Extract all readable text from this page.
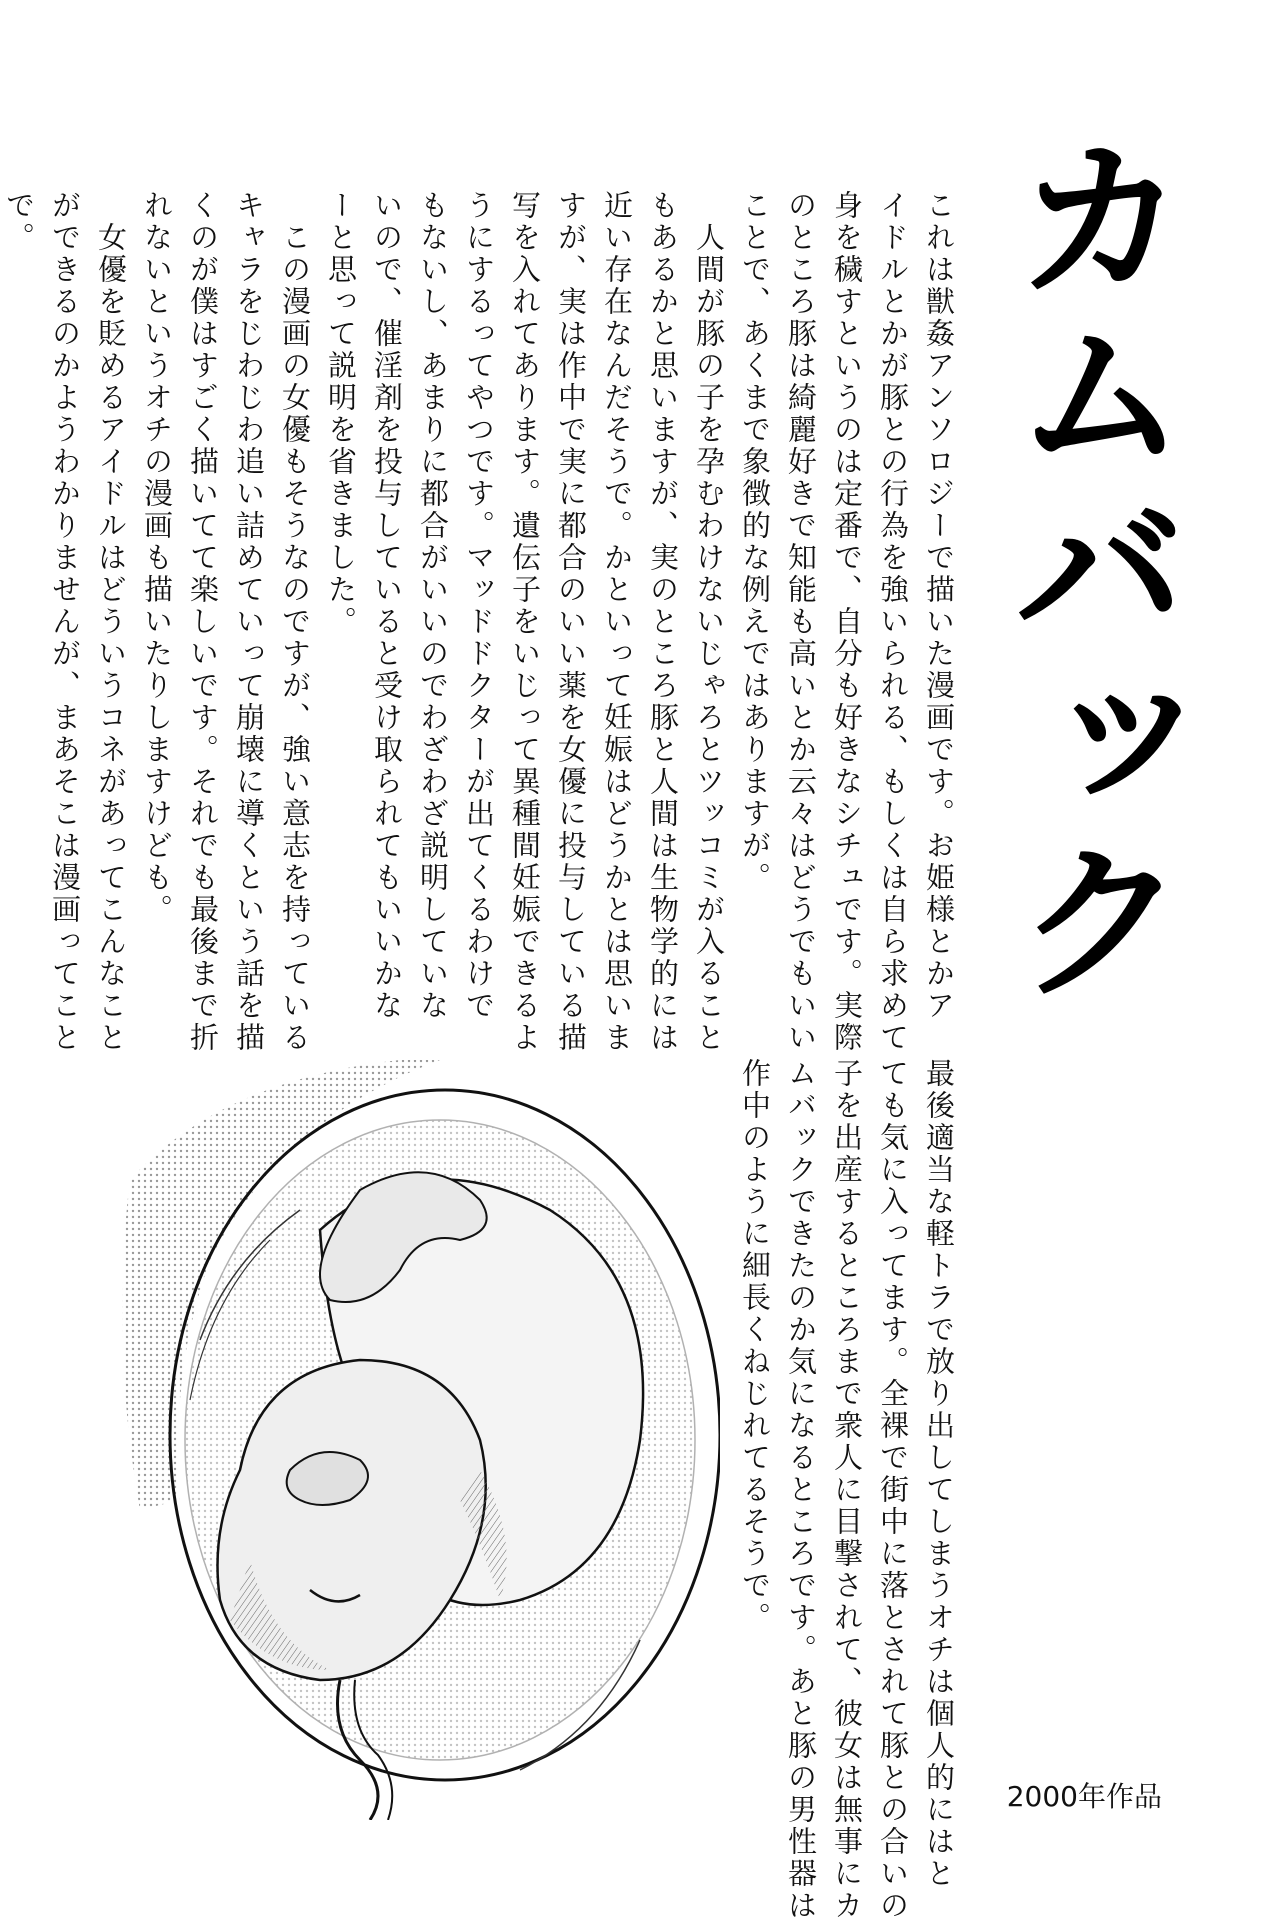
カムバック
これは獣姦アンソロジーで描いた漫画です。お姫様とかア
イドルとかが豚との行為を強いられる、もしくは自ら求めて
身を穢すというのは定番で、自分も好きなシチュです。実際
のところ豚は綺麗好きで知能も高いとか云々はどうでもいい
ことで、あくまで象徴的な例えではありますが。
　人間が豚の子を孕むわけないじゃろとツッコミが入ること
もあるかと思いますが、実のところ豚と人間は生物学的には
近い存在なんだそうで。かといって妊娠はどうかとは思いま
すが、実は作中で実に都合のいい薬を女優に投与している描
写を入れてあります。遺伝子をいじって異種間妊娠できるよ
うにするってやつです。マッドドクターが出てくるわけで
もないし、あまりに都合がいいのでわざわざ説明していな
いので、催淫剤を投与していると受け取られてもいいかな
ーと思って説明を省きました。
　この漫画の女優もそうなのですが、強い意志を持っている
キャラをじわじわ追い詰めていって崩壊に導くという話を描
くのが僕はすごく描いてて楽しいです。それでも最後まで折
れないというオチの漫画も描いたりしますけども。
　女優を貶めるアイドルはどういうコネがあってこんなこと
ができるのかようわかりませんが、まあそこは漫画ってこと
で。
最後適当な軽トラで放り出してしまうオチは個人的にはと
ても気に入ってます。全裸で街中に落とされて豚との合いの
子を出産するところまで衆人に目撃されて、彼女は無事にカ
ムバックできたのか気になるところです。あと豚の男性器は
作中のように細長くねじれてるそうで。
2000年作品
